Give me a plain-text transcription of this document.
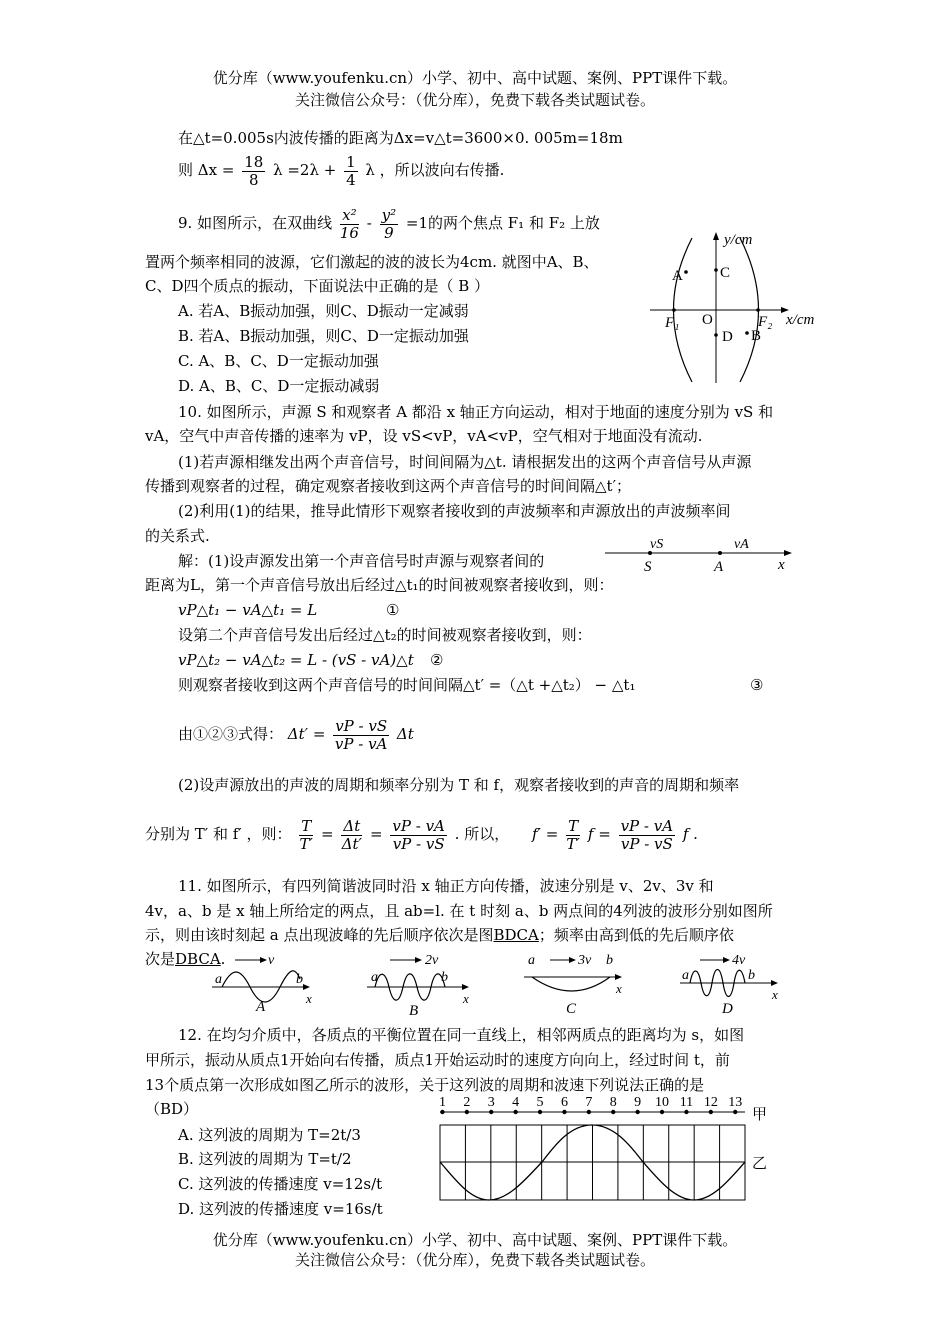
优分库（www.youfenku.cn）小学、初中、高中试题、案例、PPT课件下载。
关注微信公众号：（优分库），免费下载各类试题试卷。
在△t=0.005s内波传播的距离为Δx=v△t=3600×0. 005m=18m
则 $\Delta x = \frac{18}{8}$ $\lambda =2\lambda + \frac{1}{4}$ λ ，所以波向右传播.
9. 如图所示，在双曲线 $\frac{\text{x²}}{16} - \frac{\text{y²}}{9} =1$的两个焦点 F₁ 和 F₂ 上放
置两个频率相同的波源，它们激起的波的波长为4cm. 就图中A、B、
C、D四个质点的振动，下面说法中正确的是（ B ）
A. 若A、B振动加强，则C、D振动一定减弱
B. 若A、B振动加强，则C、D一定振动加强
C. A、B、C、D一定振动加强
D. A、B、C、D一定振动减弱
y/cm
x/cm
A C
D B
O
F₁	F₂
10. 如图所示，声源 S 和观察者 A 都沿 x 轴正方向运动，相对于地面的速度分别为 vS 和
vA，空气中声音传播的速率为 vP，设 vS<vP，vA<vP，空气相对于地面没有流动.
(1)若声源相继发出两个声音信号，时间间隔为△t. 请根据发出的这两个声音信号从声源
传播到观察者的过程，确定观察者接收到这两个声音信号的时间间隔△t′；
(2)利用(1)的结果，推导此情形下观察者接收到的声波频率和声源放出的声波频率间
的关系式.
解：(1)设声源发出第一个声音信号时声源与观察者间的
距离为L，第一个声音信号放出后经过△t₁的时间被观察者接收到，则：
vP△t₁ − vA△t₁ = L	①
设第二个声音信号发出后经过△t₂的时间被观察者接收到，则：
vP△t₂ − vA△t₂ = L - (vS - vA)△t ②
则观察者接收到这两个声音信号的时间间隔△t′ =（△t +△t₂） − △t₁	③
由①②③式得： $\Delta t' = \frac{vP - vS}{vP - vA}$ Δt
(2)设声源放出的声波的周期和频率分别为 T 和 f，观察者接收到的声音的周期和频率
分别为 T′ 和 f′ ，则： $\frac{T}{T'} = \frac{\Delta t}{\Delta t'} = \frac{vP - vA}{vP - vS}$ . 所以， $f' = \frac{T}{T'}$ $f = \frac{vP - vA}{vP - vS}$ f .
vS	vA
S	A	x
11. 如图所示，有四列简谐波同时沿 x 轴正方向传播，波速分别是 v、2v、3v 和
4v，a、b 是 x 轴上所给定的两点，且 ab=l. 在 t 时刻 a、b 两点间的4列波的波形分别如图所
示，则由该时刻起 a 点出现波峰的先后顺序依次是图BDCA；频率由高到低的先后顺序依
次是DBCA.	v
a	b
x
A
2v
a	b
x
B
3v
a	b
x
C
4v
a	b
x
D
12. 在均匀介质中，各质点的平衡位置在同一直线上，相邻两质点的距离均为 s，如图
甲所示，振动从质点1开始向右传播，质点1开始运动时的速度方向向上，经过时间 t，前
13个质点第一次形成如图乙所示的波形，关于这列波的周期和波速下列说法正确的是
（BD）
A. 这列波的周期为 T=2t/3
B. 这列波的周期为 T=t/2
C. 这列波的传播速度 v=12s/t
D. 这列波的传播速度 v=16s/t
1 2 3 4 5 6 7 8 9 10 11 12 13
甲
乙
优分库（www.youfenku.cn）小学、初中、高中试题、案例、PPT课件下载。
关注微信公众号：（优分库），免费下载各类试题试卷。
